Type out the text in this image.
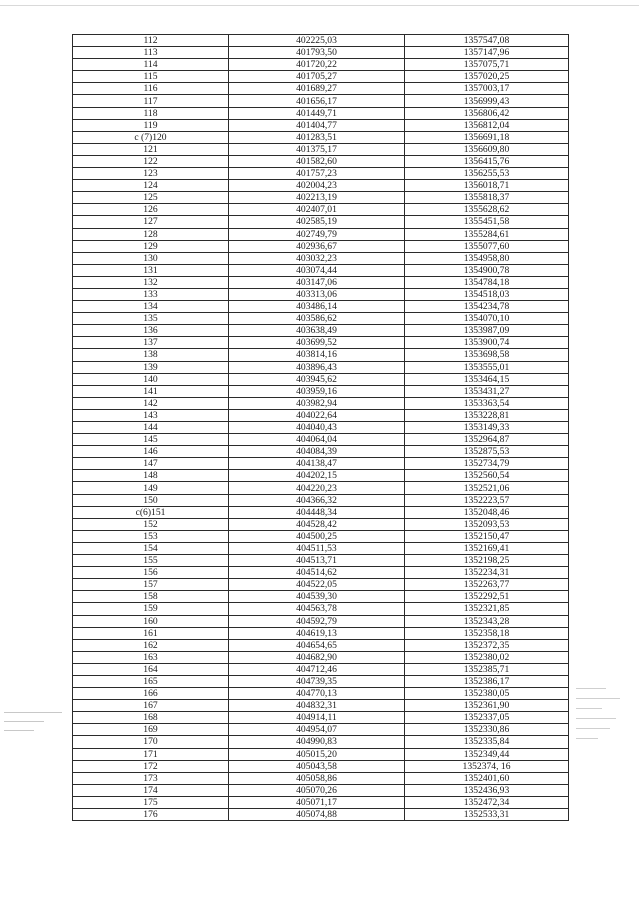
112	402225,03	1357547,08
113	401793,50	1357147,96
114	401720,22	1357075,71
115	401705,27	1357020,25
116	401689,27	1357003,17
117	401656,17	1356999,43
118	401449,71	1356806,42
119	401404,77	1356812,04
с (7)120	401283,51	1356691,18
121	401375,17	1356609,80
122	401582,60	1356415,76
123	401757,23	1356255,53
124	402004,23	1356018,71
125	402213,19	1355818,37
126	402407,01	1355628,62
127	402585,19	1355451,58
128	402749,79	1355284,61
129	402936,67	1355077,60
130	403032,23	1354958,80
131	403074,44	1354900,78
132	403147,06	1354784,18
133	403313,06	1354518,03
134	403486,14	1354234,78
135	403586,62	1354070,10
136	403638,49	1353987,09
137	403699,52	1353900,74
138	403814,16	1353698,58
139	403896,43	1353555,01
140	403945,62	1353464,15
141	403959,16	1353431,27
142	403982,94	1353363,54
143	404022,64	1353228,81
144	404040,43	1353149,33
145	404064,04	1352964,87
146	404084,39	1352875,53
147	404138,47	1352734,79
148	404202,15	1352560,54
149	404220,23	1352521,06
150	404366,32	1352223,57
с(6)151	404448,34	1352048,46
152	404528,42	1352093,53
153	404500,25	1352150,47
154	404511,53	1352169,41
155	404513,71	1352198,25
156	404514,62	1352234,31
157	404522,05	1352263,77
158	404539,30	1352292,51
159	404563,78	1352321,85
160	404592,79	1352343,28
161	404619,13	1352358,18
162	404654,65	1352372,35
163	404682,90	1352380,02
164	404712,46	1352385,71
165	404739,35	1352386,17
166	404770,13	1352380,05
167	404832,31	1352361,90
168	404914,11	1352337,05
169	404954,07	1352330,86
170	404990,83	1352335,84
171	405015,20	1352349,44
172	405043,58	1352374, 16
173	405058,86	1352401,60
174	405070,26	1352436,93
175	405071,17	1352472,34
176	405074,88	1352533,31
